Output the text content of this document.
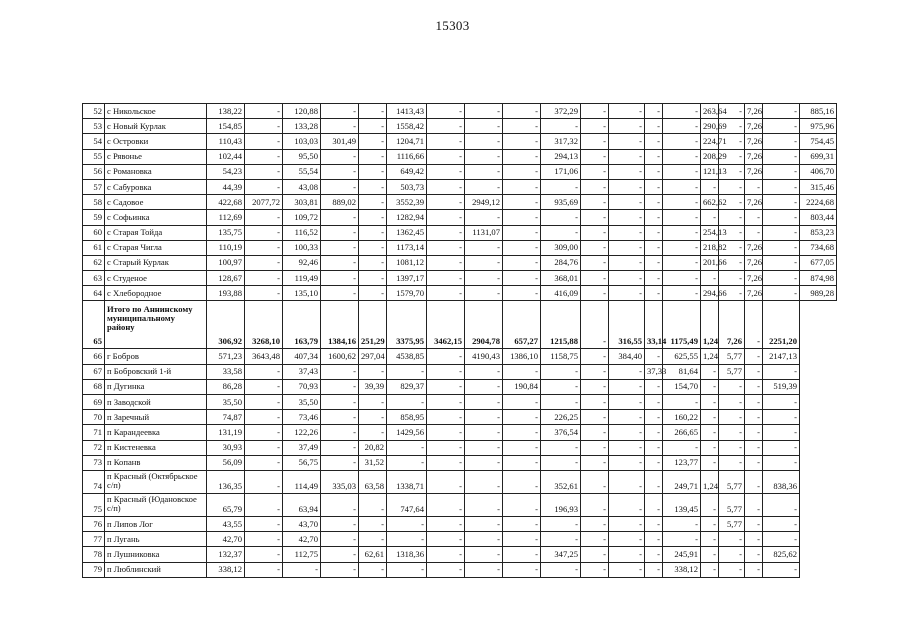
15303
52	с Никольское	138,22	-	120,88	-	-	1413,43	-	-	-	372,29	-	-	-	-	263,64	-	7,26	-	885,16
53	с Новый Курлак	154,85	-	133,28	-	-	1558,42	-	-	-	-	-	-	-	-	290,69	-	7,26	-	975,96
54	с Островки	110,43	-	103,03	301,49	-	1204,71	-	-	-	317,32	-	-	-	-	224,71	-	7,26	-	754,45
55	с Рявонье	102,44	-	95,50	-	-	1116,66	-	-	-	294,13	-	-	-	-	208,29	-	7,26	-	699,31
56	с Романовка	54,23	-	55,54	-	-	649,42	-	-	-	171,06	-	-	-	-	121,13	-	7,26	-	406,70
57	с Сабуровка	44,39	-	43,08	-	-	503,73	-	-	-	-	-	-	-	-	-	-	-	-	315,46
58	с Садовое	422,68	2077,72	303,81	889,02	-	3552,39	-	2949,12	-	935,69	-	-	-	-	662,62	-	7,26	-	2224,68
59	с Софьинка	112,69	-	109,72	-	-	1282,94	-	-	-	-	-	-	-	-	-	-	-	-	803,44
60	с Старая Тойда	135,75	-	116,52	-	-	1362,45	-	1131,07	-	-	-	-	-	-	254,13	-	-	-	853,23
61	с Старая Чигла	110,19	-	100,33	-	-	1173,14	-	-	-	309,00	-	-	-	-	218,82	-	7,26	-	734,68
62	с Старый Курлак	100,97	-	92,46	-	-	1081,12	-	-	-	284,76	-	-	-	-	201,66	-	7,26	-	677,05
63	с Студеное	128,67	-	119,49	-	-	1397,17	-	-	-	368,01	-	-	-	-	-	-	7,26	-	874,98
64	с Хлебородное	193,88	-	135,10	-	-	1579,70	-	-	-	416,09	-	-	-	-	294,66	-	7,26	-	989,28
65	Итого по Аннинскому муниципальному району	306,92	3268,10	163,79	1384,16	251,29	3375,95	3462,15	2904,78	657,27	1215,88	-	316,55	33,14	1175,49	1,24	7,26	-	2251,20	
66	г Бобров	571,23	3643,48	407,34	1600,62	297,04	4538,85	-	4190,43	1386,10	1158,75	-	384,40	-	625,55	1,24	5,77	-	2147,13	
67	п Бобровский 1-й	33,58	-	37,43	-	-	-	-	-	-	-	-	-	37,33	81,64	-	5,77	-	-	
68	п Дугинка	86,28	-	70,93	-	39,39	829,37	-	-	190,84	-	-	-	-	154,70	-	-	-	519,39	
69	п Заводской	35,50	-	35,50	-	-	-	-	-	-	-	-	-	-	-	-	-	-	-	
70	п Заречный	74,87	-	73,46	-	-	858,95	-	-	-	226,25	-	-	-	160,22	-	-	-	-	
71	п Карандеевка	131,19	-	122,26	-	-	1429,56	-	-	-	376,54	-	-	-	266,65	-	-	-	-	
72	п Кистеневка	30,93	-	37,49	-	20,82	-	-	-	-	-	-	-	-	-	-	-	-	-	
73	п Копанв	56,09	-	56,75	-	31,52	-	-	-	-	-	-	-	-	123,77	-	-	-	-	
74	п Красный (Октябрьское с/п)	136,35	-	114,49	335,03	63,58	1338,71	-	-	-	352,61	-	-	-	249,71	1,24	5,77	-	838,36	
75	п Красный (Юдановское с/п)	65,79	-	63,94	-	-	747,64	-	-	-	196,93	-	-	-	139,45	-	5,77	-	-	
76	п Липов Лог	43,55	-	43,70	-	-	-	-	-	-	-	-	-	-	-	-	5,77	-	-	
77	п Лугань	42,70	-	42,70	-	-	-	-	-	-	-	-	-	-	-	-	-	-	-	
78	п Лушниковка	132,37	-	112,75	-	62,61	1318,36	-	-	-	347,25	-	-	-	245,91	-	-	-	825,62	
79	п Люблинский	338,12	-	-	-	-	-	-	-	-	-	-	-	-	338,12	-	-	-	-	
